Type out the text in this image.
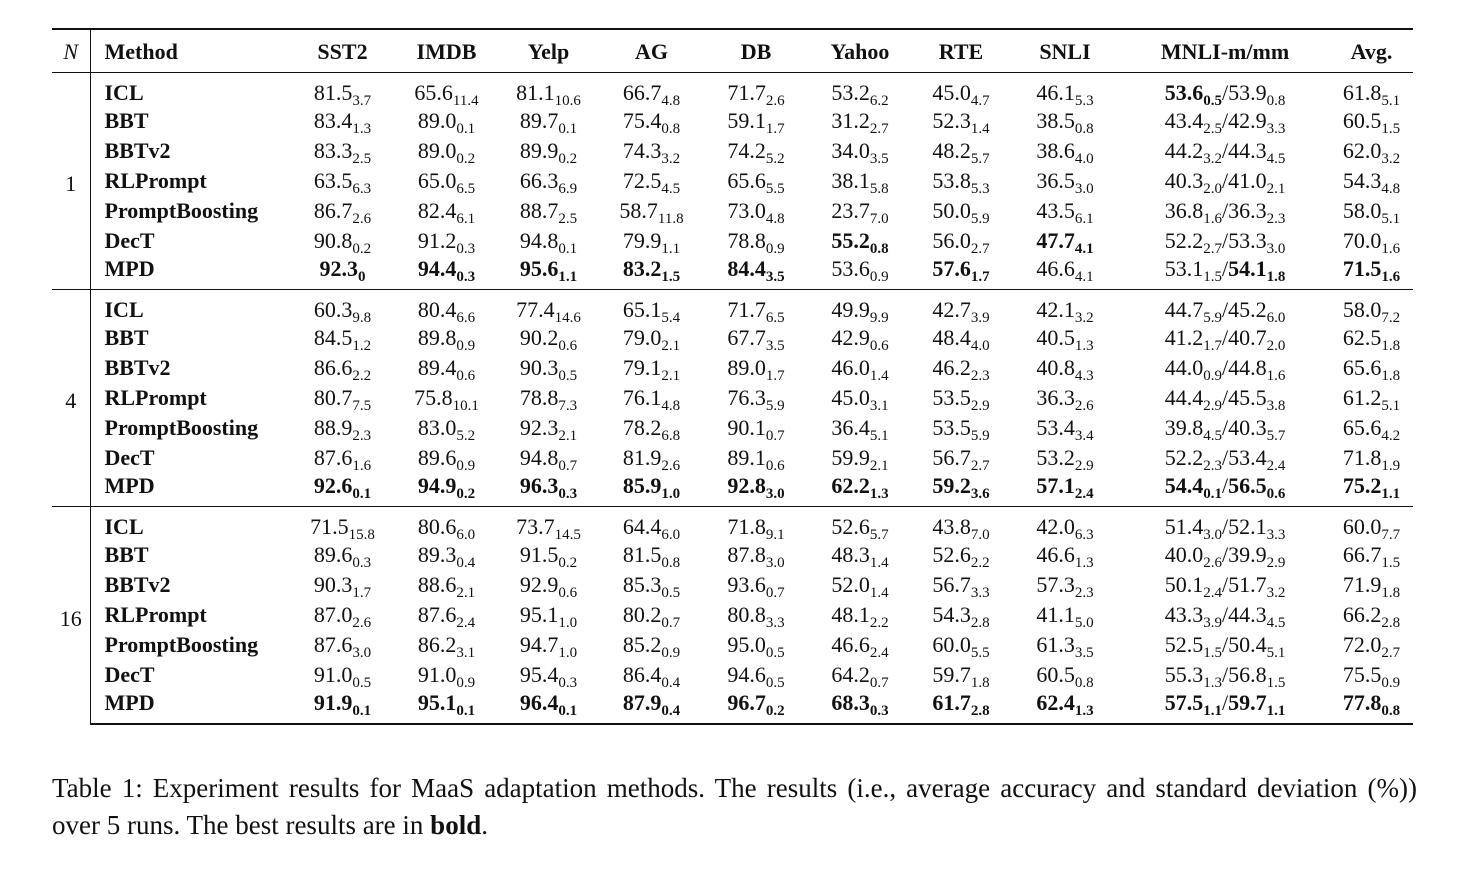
N	Method	SST2	IMDB	Yelp	AG	DB	Yahoo	RTE	SNLI	MNLI-m/mm	Avg.
1	ICL	$81.5_{3.7}$	$65.6_{11.4}$	$81.1_{10.6}$	$66.7_{4.8}$	$71.7_{2.6}$	$53.2_{6.2}$	$45.0_{4.7}$	$46.1_{5.3}$	$53.6_{0.5}/53.9_{0.8}$	$61.8_{5.1}$
	BBT	$83.4_{1.3}$	$89.0_{0.1}$	$89.7_{0.1}$	$75.4_{0.8}$	$59.1_{1.7}$	$31.2_{2.7}$	$52.3_{1.4}$	$38.5_{0.8}$	$43.4_{2.5}/42.9_{3.3}$	$60.5_{1.5}$
	BBTv2	$83.3_{2.5}$	$89.0_{0.2}$	$89.9_{0.2}$	$74.3_{3.2}$	$74.2_{5.2}$	$34.0_{3.5}$	$48.2_{5.7}$	$38.6_{4.0}$	$44.2_{3.2}/44.3_{4.5}$	$62.0_{3.2}$
	RLPrompt	$63.5_{6.3}$	$65.0_{6.5}$	$66.3_{6.9}$	$72.5_{4.5}$	$65.6_{5.5}$	$38.1_{5.8}$	$53.8_{5.3}$	$36.5_{3.0}$	$40.3_{2.0}/41.0_{2.1}$	$54.3_{4.8}$
	PromptBoosting	$86.7_{2.6}$	$82.4_{6.1}$	$88.7_{2.5}$	$58.7_{11.8}$	$73.0_{4.8}$	$23.7_{7.0}$	$50.0_{5.9}$	$43.5_{6.1}$	$36.8_{1.6}/36.3_{2.3}$	$58.0_{5.1}$
	DecT	$90.8_{0.2}$	$91.2_{0.3}$	$94.8_{0.1}$	$79.9_{1.1}$	$78.8_{0.9}$	$55.2_{0.8}$	$56.0_{2.7}$	$47.7_{4.1}$	$52.2_{2.7}/53.3_{3.0}$	$70.0_{1.6}$
	MPD	$92.3_0$	$94.4_{0.3}$	$95.6_{1.1}$	$83.2_{1.5}$	$84.4_{3.5}$	$53.6_{0.9}$	$57.6_{1.7}$	$46.6_{4.1}$	$53.1_{1.5}/54.1_{1.8}$	$71.5_{1.6}$
4	ICL	$60.3_{9.8}$	$80.4_{6.6}$	$77.4_{14.6}$	$65.1_{5.4}$	$71.7_{6.5}$	$49.9_{9.9}$	$42.7_{3.9}$	$42.1_{3.2}$	$44.7_{5.9}/45.2_{6.0}$	$58.0_{7.2}$
	BBT	$84.5_{1.2}$	$89.8_{0.9}$	$90.2_{0.6}$	$79.0_{2.1}$	$67.7_{3.5}$	$42.9_{0.6}$	$48.4_{4.0}$	$40.5_{1.3}$	$41.2_{1.7}/40.7_{2.0}$	$62.5_{1.8}$
	BBTv2	$86.6_{2.2}$	$89.4_{0.6}$	$90.3_{0.5}$	$79.1_{2.1}$	$89.0_{1.7}$	$46.0_{1.4}$	$46.2_{2.3}$	$40.8_{4.3}$	$44.0_{0.9}/44.8_{1.6}$	$65.6_{1.8}$
	RLPrompt	$80.7_{7.5}$	$75.8_{10.1}$	$78.8_{7.3}$	$76.1_{4.8}$	$76.3_{5.9}$	$45.0_{3.1}$	$53.5_{2.9}$	$36.3_{2.6}$	$44.4_{2.9}/45.5_{3.8}$	$61.2_{5.1}$
	PromptBoosting	$88.9_{2.3}$	$83.0_{5.2}$	$92.3_{2.1}$	$78.2_{6.8}$	$90.1_{0.7}$	$36.4_{5.1}$	$53.5_{5.9}$	$53.4_{3.4}$	$39.8_{4.5}/40.3_{5.7}$	$65.6_{4.2}$
	DecT	$87.6_{1.6}$	$89.6_{0.9}$	$94.8_{0.7}$	$81.9_{2.6}$	$89.1_{0.6}$	$59.9_{2.1}$	$56.7_{2.7}$	$53.2_{2.9}$	$52.2_{2.3}/53.4_{2.4}$	$71.8_{1.9}$
	MPD	$92.6_{0.1}$	$94.9_{0.2}$	$96.3_{0.3}$	$85.9_{1.0}$	$92.8_{3.0}$	$62.2_{1.3}$	$59.2_{3.6}$	$57.1_{2.4}$	$54.4_{0.1}/56.5_{0.6}$	$75.2_{1.1}$
16	ICL	$71.5_{15.8}$	$80.6_{6.0}$	$73.7_{14.5}$	$64.4_{6.0}$	$71.8_{9.1}$	$52.6_{5.7}$	$43.8_{7.0}$	$42.0_{6.3}$	$51.4_{3.0}/52.1_{3.3}$	$60.0_{7.7}$
	BBT	$89.6_{0.3}$	$89.3_{0.4}$	$91.5_{0.2}$	$81.5_{0.8}$	$87.8_{3.0}$	$48.3_{1.4}$	$52.6_{2.2}$	$46.6_{1.3}$	$40.0_{2.6}/39.9_{2.9}$	$66.7_{1.5}$
	BBTv2	$90.3_{1.7}$	$88.6_{2.1}$	$92.9_{0.6}$	$85.3_{0.5}$	$93.6_{0.7}$	$52.0_{1.4}$	$56.7_{3.3}$	$57.3_{2.3}$	$50.1_{2.4}/51.7_{3.2}$	$71.9_{1.8}$
	RLPrompt	$87.0_{2.6}$	$87.6_{2.4}$	$95.1_{1.0}$	$80.2_{0.7}$	$80.8_{3.3}$	$48.1_{2.2}$	$54.3_{2.8}$	$41.1_{5.0}$	$43.3_{3.9}/44.3_{4.5}$	$66.2_{2.8}$
	PromptBoosting	$87.6_{3.0}$	$86.2_{3.1}$	$94.7_{1.0}$	$85.2_{0.9}$	$95.0_{0.5}$	$46.6_{2.4}$	$60.0_{5.5}$	$61.3_{3.5}$	$52.5_{1.5}/50.4_{5.1}$	$72.0_{2.7}$
	DecT	$91.0_{0.5}$	$91.0_{0.9}$	$95.4_{0.3}$	$86.4_{0.4}$	$94.6_{0.5}$	$64.2_{0.7}$	$59.7_{1.8}$	$60.5_{0.8}$	$55.3_{1.3}/56.8_{1.5}$	$75.5_{0.9}$
	MPD	$91.9_{0.1}$	$95.1_{0.1}$	$96.4_{0.1}$	$87.9_{0.4}$	$96.7_{0.2}$	$68.3_{0.3}$	$61.7_{2.8}$	$62.4_{1.3}$	$57.5_{1.1}/59.7_{1.1}$	$77.8_{0.8}$
Table 1: Experiment results for MaaS adaptation methods. The results (i.e., average accuracy and standard deviation (%)) over 5 runs. The best results are in bold.
